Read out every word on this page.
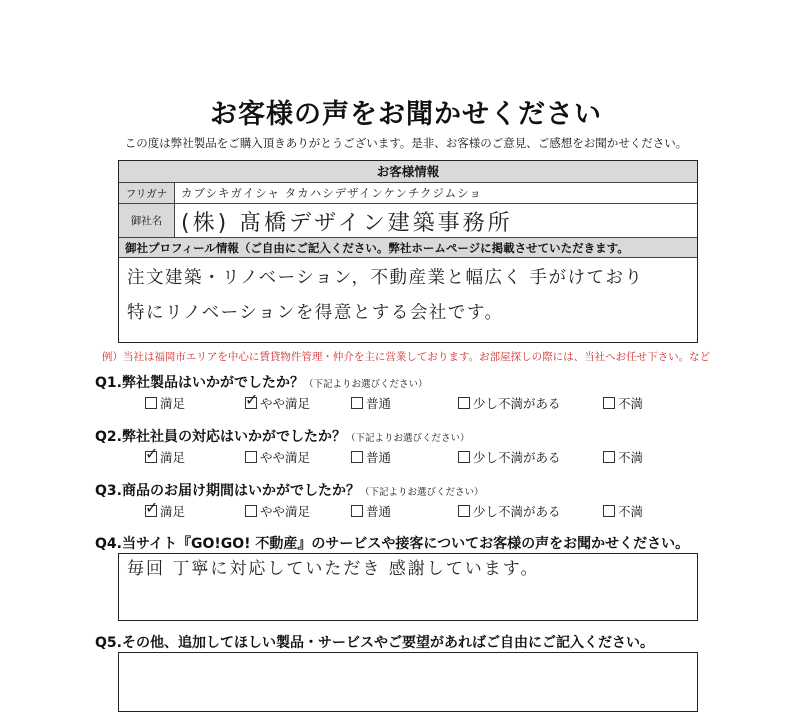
お客様の声をお聞かせください
この度は弊社製品をご購入頂きありがとうございます。是非、お客様のご意見、ご感想をお聞かせください。
お客様情報
フリガナ	カブシキガイシャ タカハシデザインケンチクジムショ
御社名 (株) 髙橋デザイン建築事務所
御社プロフィール情報（ご自由にご記入ください。弊社ホームページに掲載させていただきます。
注文建築・リノベーション，不動産業と幅広く 手がけており
特にリノベーションを得意とする会社です。
例）当社は福岡市エリアを中心に賃貸物件管理・仲介を主に営業しております。お部屋探しの際には、当社へお任せ下さい。など
Q1.弊社製品はいかがでしたか？（下記よりお選びください）
満足	✓ やや満足	普通	少し不満がある	不満
Q2.弊社社員の対応はいかがでしたか？（下記よりお選びください）
✓ 満足	やや満足	普通	少し不満がある	不満
Q3.商品のお届け期間はいかがでしたか？（下記よりお選びください）
✓ 満足	やや満足	普通	少し不満がある	不満
Q4.当サイト『GO!GO! 不動産』のサービスや接客についてお客様の声をお聞かせください。
毎回 丁寧に対応していただき 感謝しています。
Q5.その他、追加してほしい製品・サービスやご要望があればご自由にご記入ください。
